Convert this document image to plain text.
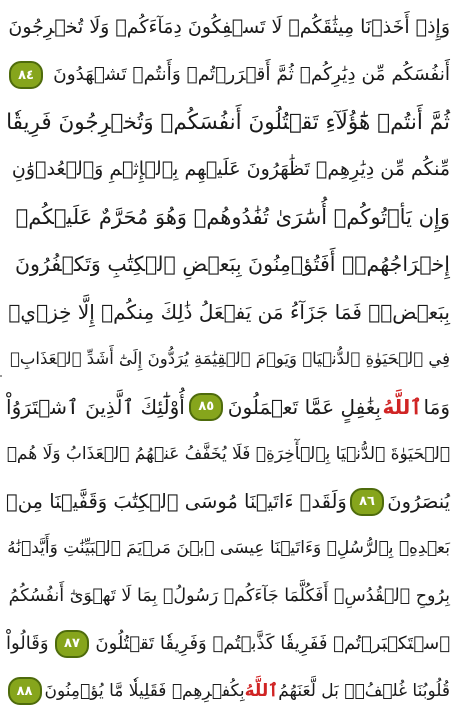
وَإِذۡ أَخَذۡنَا مِيثَٰقَكُمۡ لَا تَسۡفِكُونَ دِمَآءَكُمۡ وَلَا تُخۡرِجُونَ
أَنفُسَكُم مِّن دِيَٰرِكُمۡ ثُمَّ أَقۡرَرۡتُمۡ وَأَنتُمۡ تَشۡهَدُونَ
٨٤
ثُمَّ أَنتُمۡ هَٰٓؤُلَآءِ تَقۡتُلُونَ أَنفُسَكُمۡ وَتُخۡرِجُونَ فَرِيقٗا
مِّنكُم مِّن دِيَٰرِهِمۡ تَظَٰهَرُونَ عَلَيۡهِم بِٱلۡإِثۡمِ وَٱلۡعُدۡوَٰنِ
وَإِن يَأۡتُوكُمۡ أُسَٰرَىٰ تُفَٰدُوهُمۡ وَهُوَ مُحَرَّمٌ عَلَيۡكُمۡ
إِخۡرَاجُهُمۡۚ أَفَتُؤۡمِنُونَ بِبَعۡضِ ٱلۡكِتَٰبِ وَتَكۡفُرُونَ
بِبَعۡضٖۚ فَمَا جَزَآءُ مَن يَفۡعَلُ ذَٰلِكَ مِنكُمۡ إِلَّا خِزۡيٞ
فِي ٱلۡحَيَوٰةِ ٱلدُّنۡيَاۖ وَيَوۡمَ ٱلۡقِيَٰمَةِ يُرَدُّونَ إِلَىٰٓ أَشَدِّ ٱلۡعَذَابِۗ
وَمَا
ٱللَّهُ
بِغَٰفِلٍ عَمَّا تَعۡمَلُونَ
٨٥
أُوْلَٰٓئِكَ ٱلَّذِينَ ٱشۡتَرَوُاْ
ٱلۡحَيَوٰةَ ٱلدُّنۡيَا بِٱلۡأٓخِرَةِۖ فَلَا يُخَفَّفُ عَنۡهُمُ ٱلۡعَذَابُ وَلَا هُمۡ
يُنصَرُونَ
٨٦
وَلَقَدۡ ءَاتَيۡنَا مُوسَى ٱلۡكِتَٰبَ وَقَفَّيۡنَا مِنۢ
بَعۡدِهِۦ بِٱلرُّسُلِۖ وَءَاتَيۡنَا عِيسَى ٱبۡنَ مَرۡيَمَ ٱلۡبَيِّنَٰتِ وَأَيَّدۡنَٰهُ
بِرُوحِ ٱلۡقُدُسِۗ أَفَكُلَّمَا جَآءَكُمۡ رَسُولُۢ بِمَا لَا تَهۡوَىٰٓ أَنفُسُكُمُ
ٱسۡتَكۡبَرۡتُمۡ فَفَرِيقٗا كَذَّبۡتُمۡ وَفَرِيقٗا تَقۡتُلُونَ
٨٧
وَقَالُواْ
قُلُوبُنَا غُلۡفُۢۚ بَل لَّعَنَهُمُ
ٱللَّهُ
بِكُفۡرِهِمۡ فَقَلِيلٗا مَّا يُؤۡمِنُونَ
٨٨
